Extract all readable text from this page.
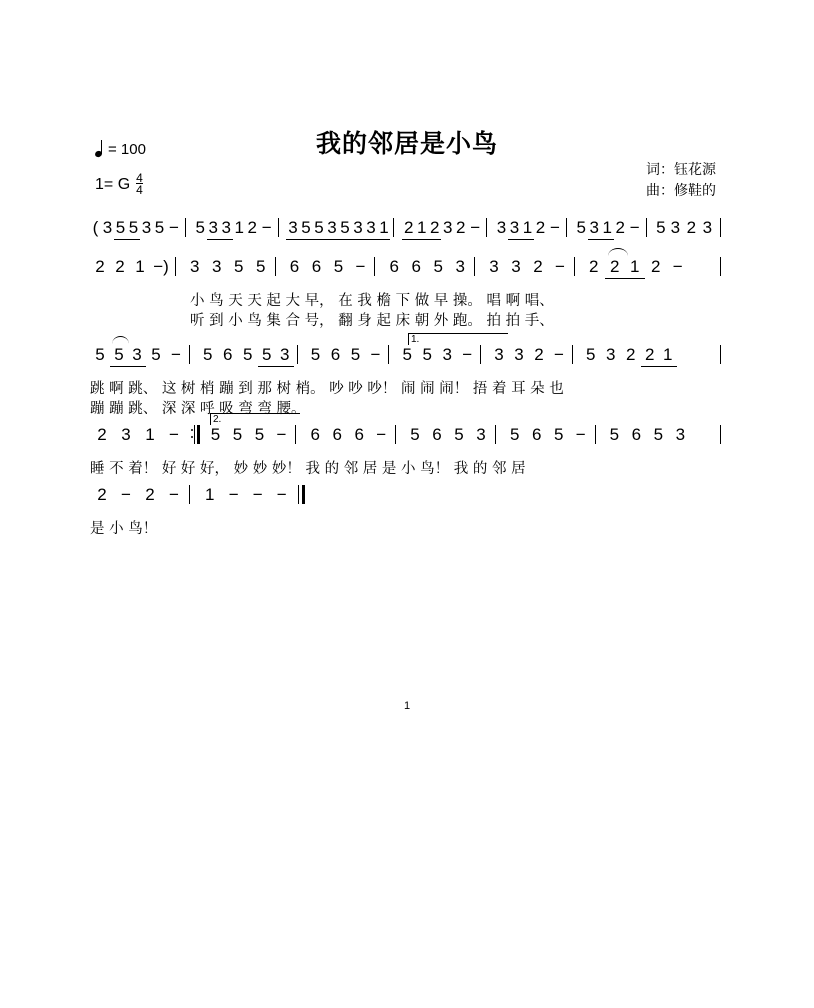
= 100	我的邻居是小鸟
词：钰花源
曲：修鞋的
1= G $\frac{4}{4}$
( 3 5 5 3 5 − 5 3 3 1 2 − 3 5 5 3 5 3 3 1 2 1 2 3 2 − 3 3 1 2 − 5 3 1 2 − 5 3 2 3
2 2 1 −) 3 3 5 5 6 6 5 − 6 6 5 3 3 3 2 − 2 2 1 2 −
小 鸟 天 天 起 大 早， 在 我 檐 下 做 早 操。 唱 啊 唱、
听 到 小 鸟 集 合 号， 翻 身 起 床 朝 外 跑。 拍 拍 手、
1.
5 5 3 5 − 5 6 5 5 3 5 6 5 − 5 5 3 − 3 3 2 − 5 3 2 2 1
跳 啊 跳、 这 树 梢 蹦 到 那 树 梢。 吵 吵 吵！ 闹 闹 闹！ 捂 着 耳 朵 也
蹦 蹦 跳、 深 深 呼 吸 弯 弯 腰。
2.
2 3 1 − 5 5 5 − 6 6 6 − 5 6 5 3 5 6 5 − 5 6 5 3
睡 不 着！ 好 好 好， 妙 妙 妙！ 我 的 邻 居 是 小 鸟！ 我 的 邻 居
2 − 2 − 1 − − −
是 小 鸟！
1
